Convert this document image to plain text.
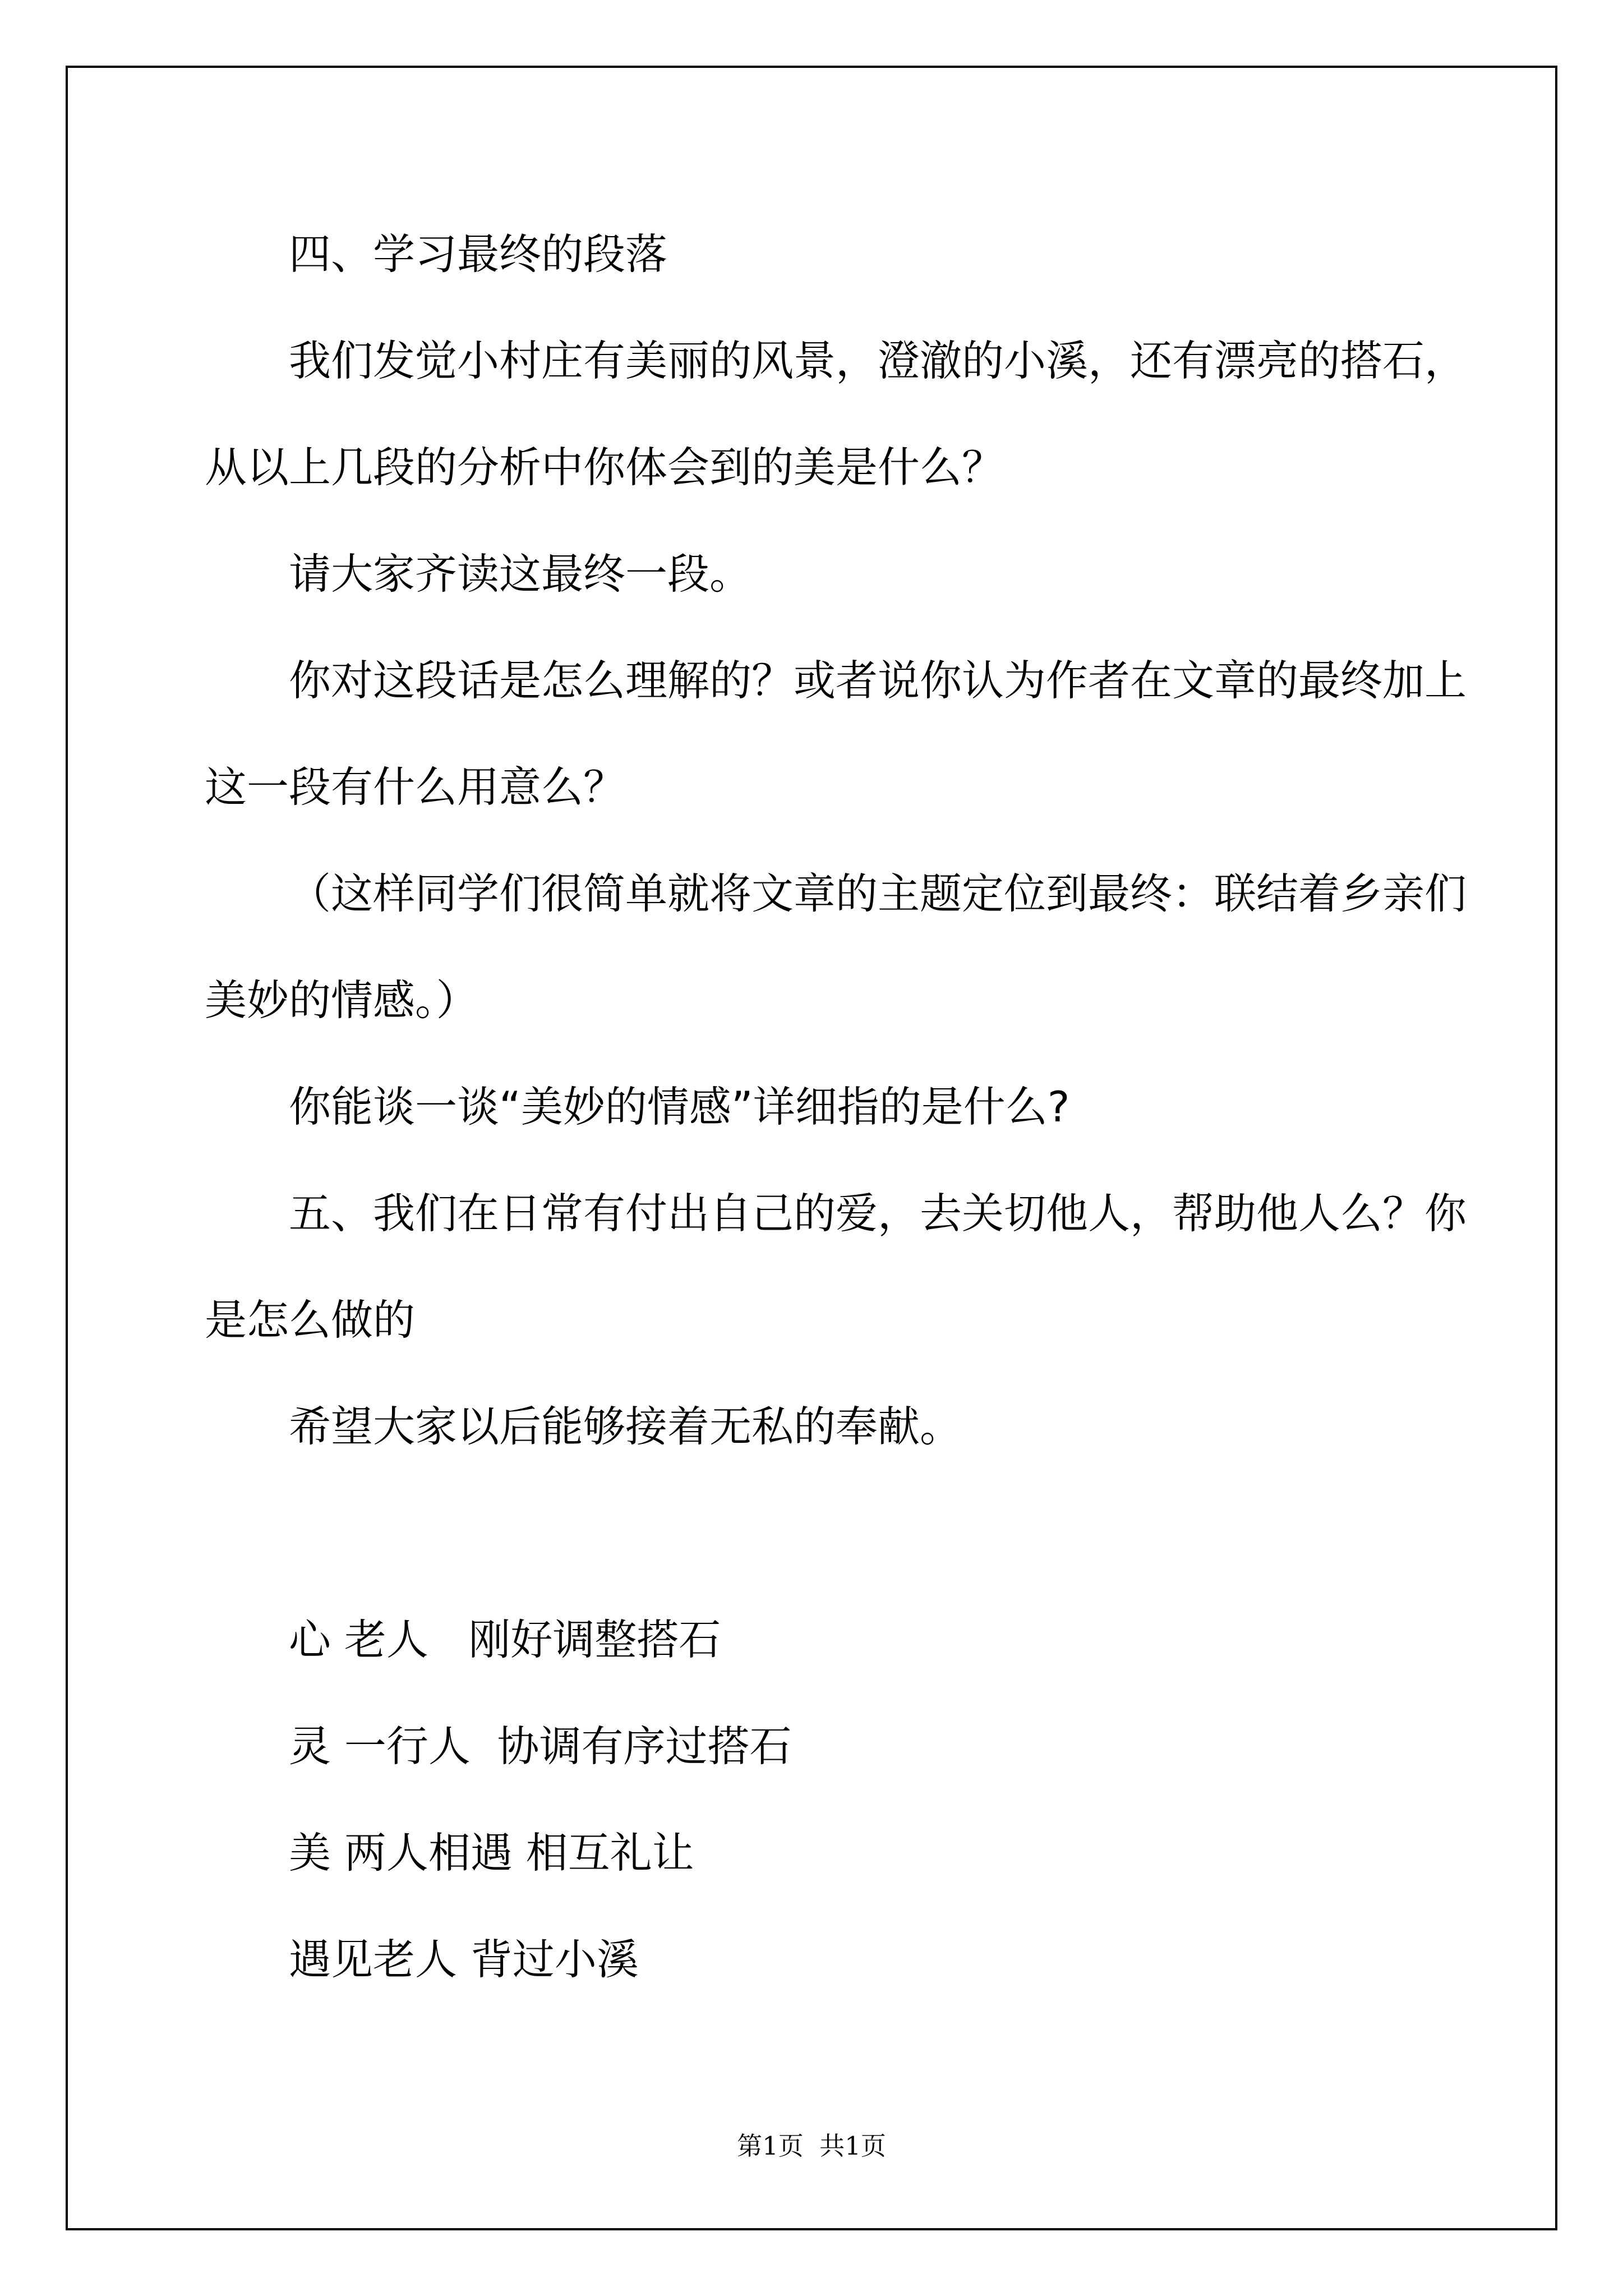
四、学习最终的段落
我们发觉小村庄有美丽的风景，澄澈的小溪，还有漂亮的搭石，
从以上几段的分析中你体会到的美是什么？
请大家齐读这最终一段。
你对这段话是怎么理解的？或者说你认为作者在文章的最终加上
这一段有什么用意么？
（这样同学们很简单就将文章的主题定位到最终：联结着乡亲们
美妙的情感。）
你能谈一谈“美妙的情感”详细指的是什么?
五、我们在日常有付出自己的爱，去关切他人，帮助他人么？你
是怎么做的
希望大家以后能够接着无私的奉献。
心 老人   刚好调整搭石
灵 一行人  协调有序过搭石
美 两人相遇 相互礼让
遇见老人 背过小溪
第1页  共1页
